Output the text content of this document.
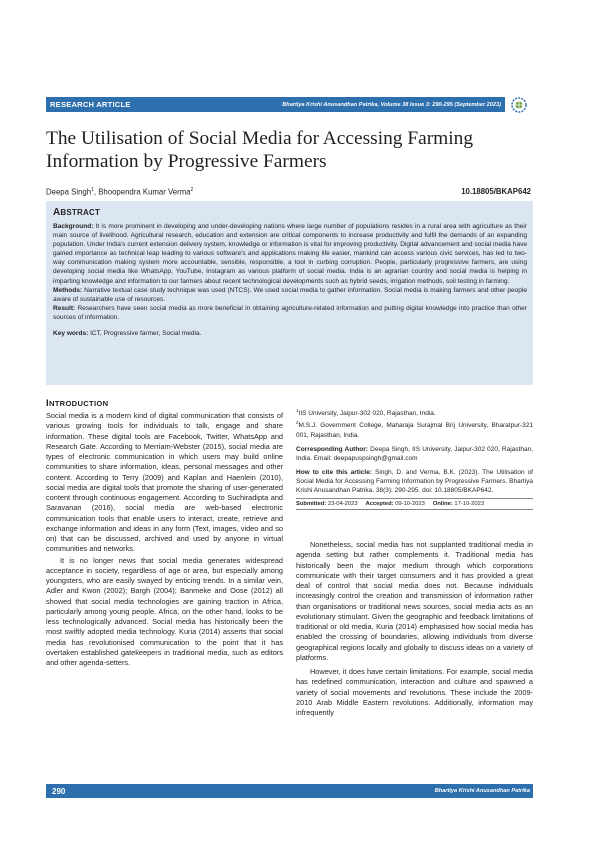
RESEARCH ARTICLE	Bhartiya Krishi Anusandhan Patrika, Volume 38 Issue 3: 290-295 (September 2023)
The Utilisation of Social Media for Accessing Farming Information by Progressive Farmers
Deepa Singh$^1$, Bhoopendra Kumar Verma$^2$	10.18805/BKAP642
ABSTRACT

Background: It is more prominent in developing and under-developing nations where large number of populations resides in a rural area with agriculture as their main source of livelihood. Agricultural research, education and extension are critical components to increase productivity and fulfil the demands of an expanding population. Under India's current extension delivery system, knowledge or information is vital for improving productivity. Digital advancement and social media have gained importance as technical leap leading to various software's and applications making life easier, mankind can access various civic services, has led to two-way communication making system more accountable, sensible, responsible, a tool in curbing corruption. People, particularly progressive farmers, are using developing social media like WhatsApp, YouTube, Instagram as various platform of social media. India is an agrarian country and social media is helping in imparting knowledge and information to our farmers about recent technological developments such as hybrid seeds, irrigation methods, soil testing in farming.

Methods: Narrative textual case study technique was used (NTCS). We used social media to gather information. Social media is making farmers and other people aware of sustainable use of resources.

Result: Researchers have seen social media as more beneficial in obtaining agriculture-related information and putting digital knowledge into practice than other sources of information.

Key words: ICT, Progressive farmer, Social media.

INTRODUCTION

Social media is a modern kind of digital communication that consists of various growing tools for individuals to talk, engage and share information. These digital tools are Facebook, Twitter, WhatsApp and Research Gate. According to Merriam-Webster (2015), social media are types of electronic communication in which users may build online communities to share information, ideas, personal messages and other content. According to Terry (2009) and Kaplan and Haenlein (2010), social media are digital tools that promote the sharing of user-generated content through continuous engagement. According to Suchiradipta and Saravanan (2016), social media are web-based electronic communication tools that enable users to interact, create, retrieve and exchange information and ideas in any form (Text, images, video and so on) that can be discussed, archived and used by anyone in virtual communities and networks.

It is no longer news that social media generates widespread acceptance in society, regardless of age or area, but especially among youngsters, who are easily swayed by enticing trends. In a similar vein, Adler and Kwon (2002); Bargh (2004); Banmeke and Oose (2012) all showed that social media technologies are gaining traction in Africa, particularly among young people. Africa, on the other hand, looks to be less technologically advanced. Social media has historically been the most swiftly adopted media technology. Kuria (2014) asserts that social media has revolutionised communication to the point that it has overtaken established gatekeepers in traditional media, such as editors and other agenda-setters.

$^1$IIS University, Jaipur-302 020, Rajasthan, India.

$^2$M.S.J. Government College, Maharaja Surajmal Brij University, Bharatpur-321 001, Rajasthan, India.

Corresponding Author: Deepa Singh, IIS University, Jaipur-302 020, Rajasthan, India. Email: deepapuspsingh@gmail.com

How to cite this article: Singh, D. and Verma, B.K. (2023). The Utilisation of Social Media for Accessing Farming Information by Progressive Farmers. Bhartiya Krishi Anusandhan Patrika. 38(3): 290-295. doi: 10.18805/BKAP642.

Submitted: 23-04-2023 Accepted: 09-10-2023 Online: 17-10-2023

Nonetheless, social media has not supplanted traditional media in agenda setting but rather complements it. Traditional media has historically been the major medium through which corporations communicate with their target consumers and it has provided a great deal of control that social media does not. Because individuals increasingly control the creation and transmission of information rather than organisations or traditional news sources, social media acts as an evolutionary stimulant. Given the geographic and feedback limitations of traditional or old media, Kuria (2014) emphasised how social media has enabled the crossing of boundaries, allowing individuals from diverse geographical regions locally and globally to discuss ideas on a variety of platforms.

However, it does have certain limitations. For example, social media has redefined communication, interaction and culture and spawned a variety of social movements and revolutions. These include the 2009-2010 Arab Middle Eastern revolutions. Additionally, information may infrequently

290	Bhartiya Krishi Anusandhan Patrika
